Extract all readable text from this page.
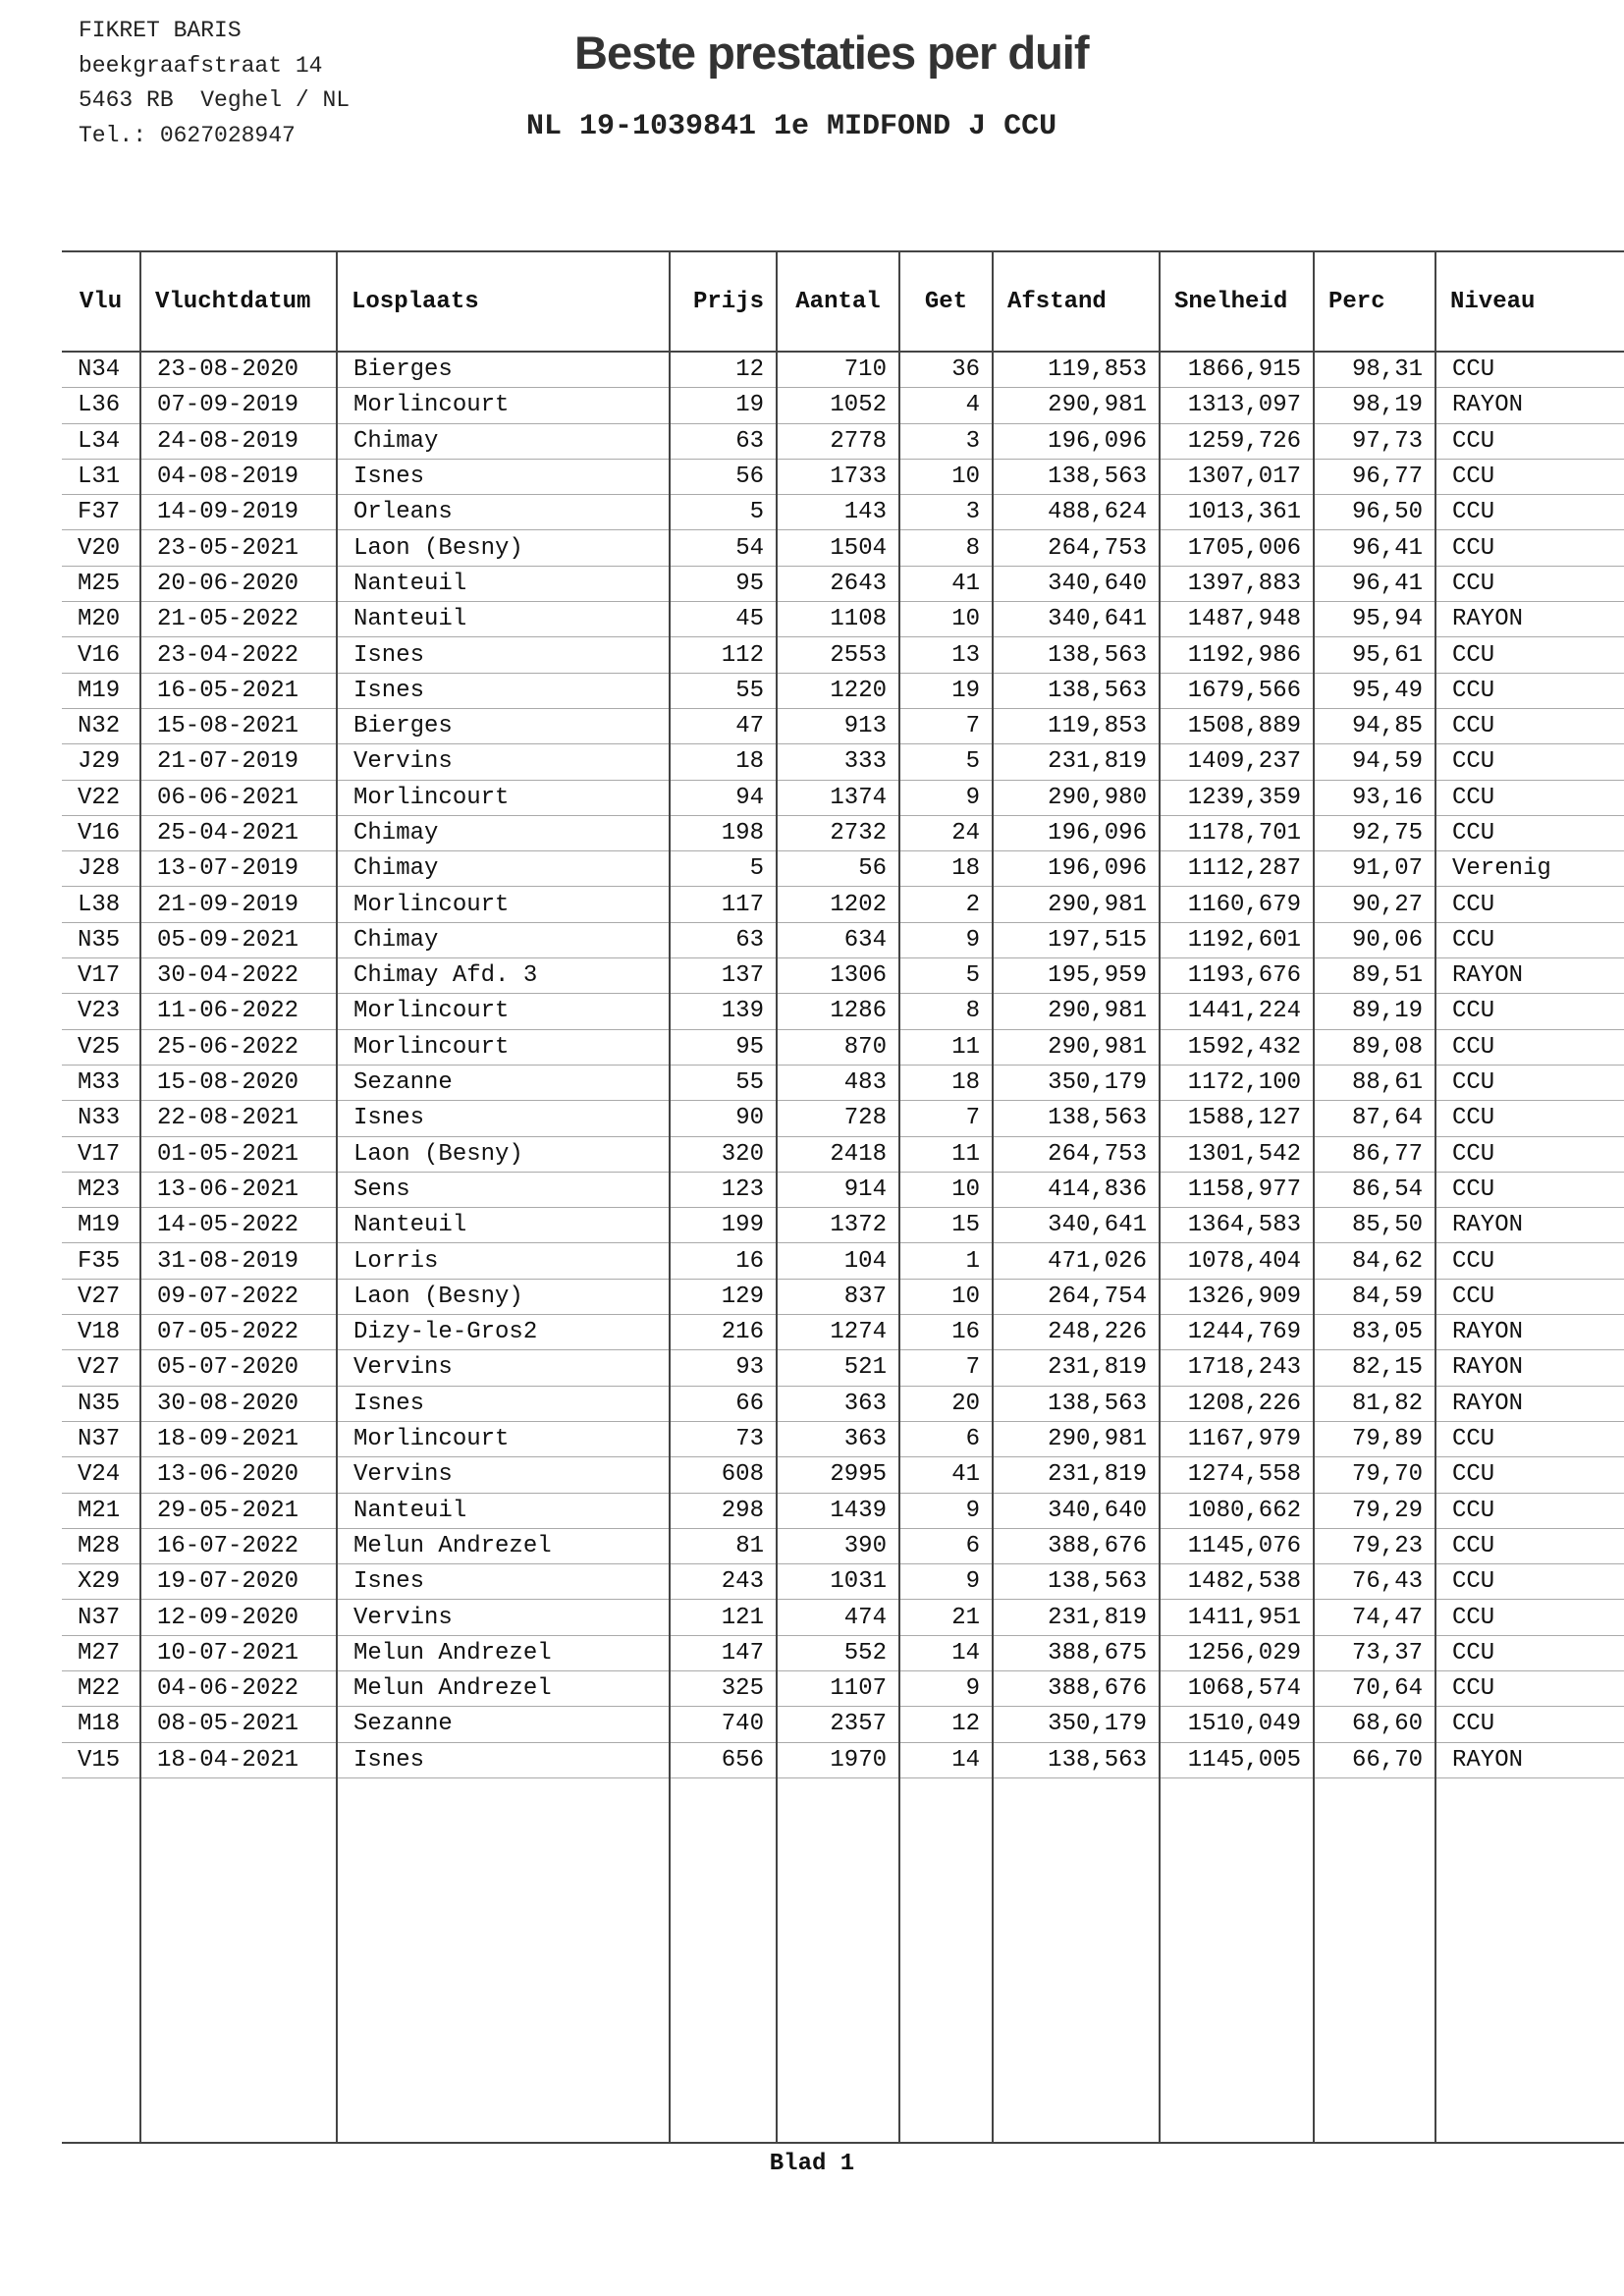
FIKRET BARIS
beekgraafstraat 14
5463 RB  Veghel / NL
Tel.: 0627028947
Beste prestaties per duif
NL 19-1039841 1e MIDFOND J CCU
Vlu	Vluchtdatum	Losplaats	Prijs	Aantal	Get	Afstand	Snelheid	Perc	Niveau
N34	23-08-2020	Bierges	12	710	36	119,853	1866,915	98,31	CCU
L36	07-09-2019	Morlincourt	19	1052	4	290,981	1313,097	98,19	RAYON
L34	24-08-2019	Chimay	63	2778	3	196,096	1259,726	97,73	CCU
L31	04-08-2019	Isnes	56	1733	10	138,563	1307,017	96,77	CCU
F37	14-09-2019	Orleans	5	143	3	488,624	1013,361	96,50	CCU
V20	23-05-2021	Laon (Besny)	54	1504	8	264,753	1705,006	96,41	CCU
M25	20-06-2020	Nanteuil	95	2643	41	340,640	1397,883	96,41	CCU
M20	21-05-2022	Nanteuil	45	1108	10	340,641	1487,948	95,94	RAYON
V16	23-04-2022	Isnes	112	2553	13	138,563	1192,986	95,61	CCU
M19	16-05-2021	Isnes	55	1220	19	138,563	1679,566	95,49	CCU
N32	15-08-2021	Bierges	47	913	7	119,853	1508,889	94,85	CCU
J29	21-07-2019	Vervins	18	333	5	231,819	1409,237	94,59	CCU
V22	06-06-2021	Morlincourt	94	1374	9	290,980	1239,359	93,16	CCU
V16	25-04-2021	Chimay	198	2732	24	196,096	1178,701	92,75	CCU
J28	13-07-2019	Chimay	5	56	18	196,096	1112,287	91,07	Verenig
L38	21-09-2019	Morlincourt	117	1202	2	290,981	1160,679	90,27	CCU
N35	05-09-2021	Chimay	63	634	9	197,515	1192,601	90,06	CCU
V17	30-04-2022	Chimay Afd. 3	137	1306	5	195,959	1193,676	89,51	RAYON
V23	11-06-2022	Morlincourt	139	1286	8	290,981	1441,224	89,19	CCU
V25	25-06-2022	Morlincourt	95	870	11	290,981	1592,432	89,08	CCU
M33	15-08-2020	Sezanne	55	483	18	350,179	1172,100	88,61	CCU
N33	22-08-2021	Isnes	90	728	7	138,563	1588,127	87,64	CCU
V17	01-05-2021	Laon (Besny)	320	2418	11	264,753	1301,542	86,77	CCU
M23	13-06-2021	Sens	123	914	10	414,836	1158,977	86,54	CCU
M19	14-05-2022	Nanteuil	199	1372	15	340,641	1364,583	85,50	RAYON
F35	31-08-2019	Lorris	16	104	1	471,026	1078,404	84,62	CCU
V27	09-07-2022	Laon (Besny)	129	837	10	264,754	1326,909	84,59	CCU
V18	07-05-2022	Dizy-le-Gros2	216	1274	16	248,226	1244,769	83,05	RAYON
V27	05-07-2020	Vervins	93	521	7	231,819	1718,243	82,15	RAYON
N35	30-08-2020	Isnes	66	363	20	138,563	1208,226	81,82	RAYON
N37	18-09-2021	Morlincourt	73	363	6	290,981	1167,979	79,89	CCU
V24	13-06-2020	Vervins	608	2995	41	231,819	1274,558	79,70	CCU
M21	29-05-2021	Nanteuil	298	1439	9	340,640	1080,662	79,29	CCU
M28	16-07-2022	Melun Andrezel	81	390	6	388,676	1145,076	79,23	CCU
X29	19-07-2020	Isnes	243	1031	9	138,563	1482,538	76,43	CCU
N37	12-09-2020	Vervins	121	474	21	231,819	1411,951	74,47	CCU
M27	10-07-2021	Melun Andrezel	147	552	14	388,675	1256,029	73,37	CCU
M22	04-06-2022	Melun Andrezel	325	1107	9	388,676	1068,574	70,64	CCU
M18	08-05-2021	Sezanne	740	2357	12	350,179	1510,049	68,60	CCU
V15	18-04-2021	Isnes	656	1970	14	138,563	1145,005	66,70	RAYON

Blad 1
